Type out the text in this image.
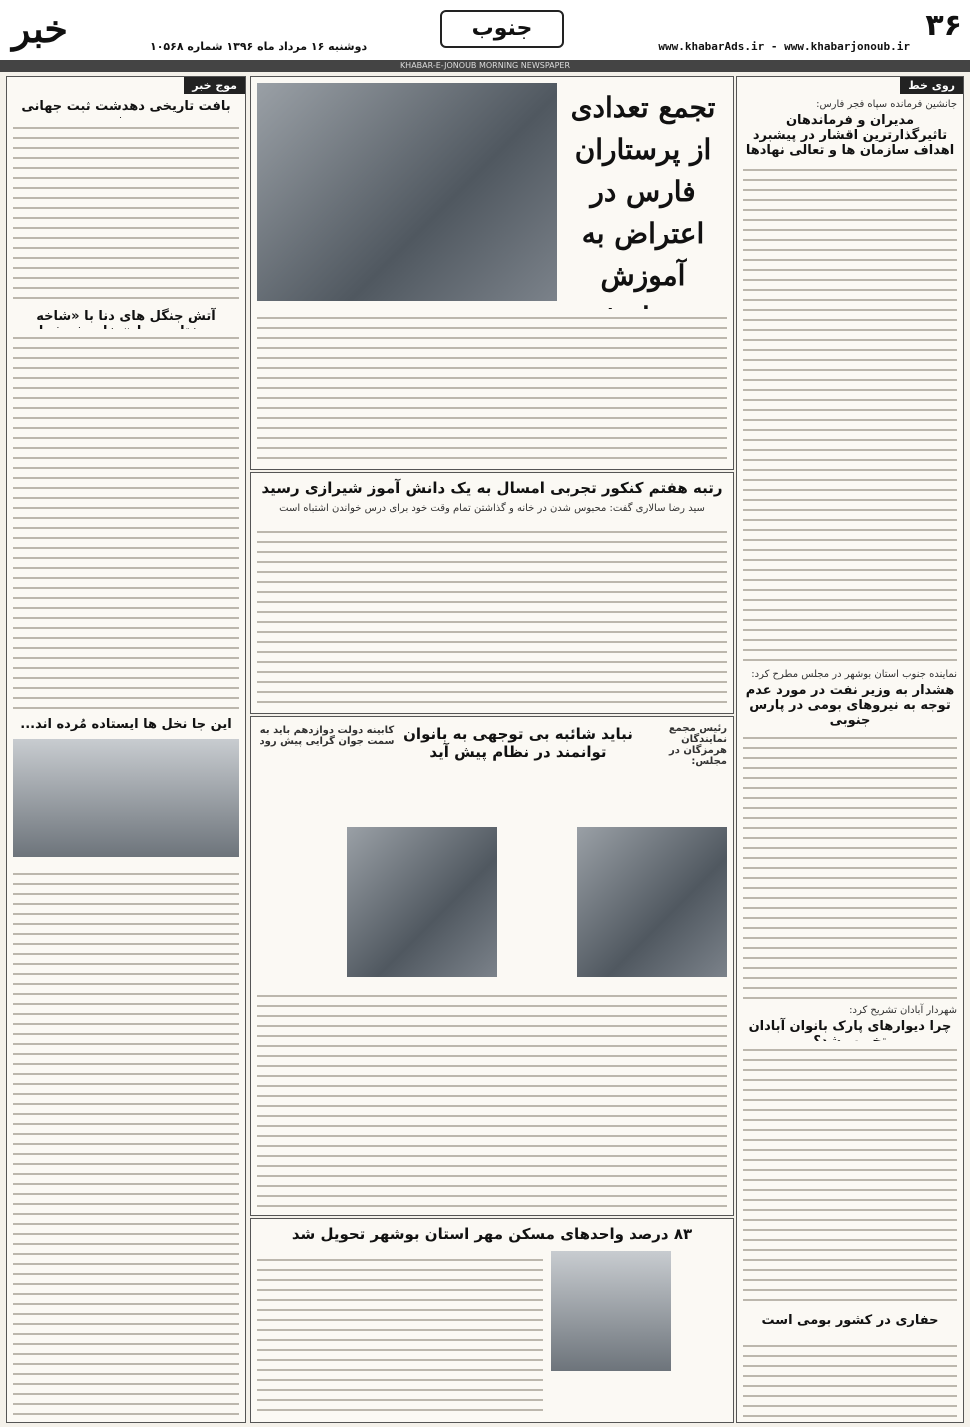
۳۶
www.khabarAds.ir - www.khabarjonoub.ir
جنوب
دوشنبه ۱۶ مرداد ماه ۱۳۹۶ شماره ۱۰۵۶۸
خبر
KHABAR-E-JONOUB MORNING NEWSPAPER
روی خط
جانشین فرمانده سپاه فجر فارس:
مدیران و فرماندهان تاثیرگذارترین اقشار در پیشبرد اهداف سازمان ها و تعالی نهادها
نماینده جنوب استان بوشهر در مجلس مطرح کرد:
هشدار به وزیر نفت در مورد عدم توجه به نیروهای بومی در پارس جنوبی
شهردار آبادان تشریح کرد:
چرا دیوارهای پارک بانوان آبادان
حفاری در کشور بومی است
موج خبر
بافت تاریخی دهدشت ثبت جهانی
آتش جنگل های دنا با «شاخه
این جا نخل ها ایستاده مُرده اند...
تجمع تعدادی از پرستاران فارس در اعتراض به آموزش
رتبه هفتم کنکور تجربی امسال به یک دانش آموز شیرازی رسید
سید رضا سالاری گفت: محبوس شدن در خانه و گذاشتن تمام وقت خود برای درس خواندن اشتباه است
رئیس مجمع نمایندگان هرمزگان در مجلس:
نباید شائبه بی توجهی به بانوان توانمند در نظام پیش آید
کابینه دولت دوازدهم باید به سمت جوان گرایی پیش رود
۸۳ درصد واحدهای مسکن مهر استان بوشهر تحویل شد
